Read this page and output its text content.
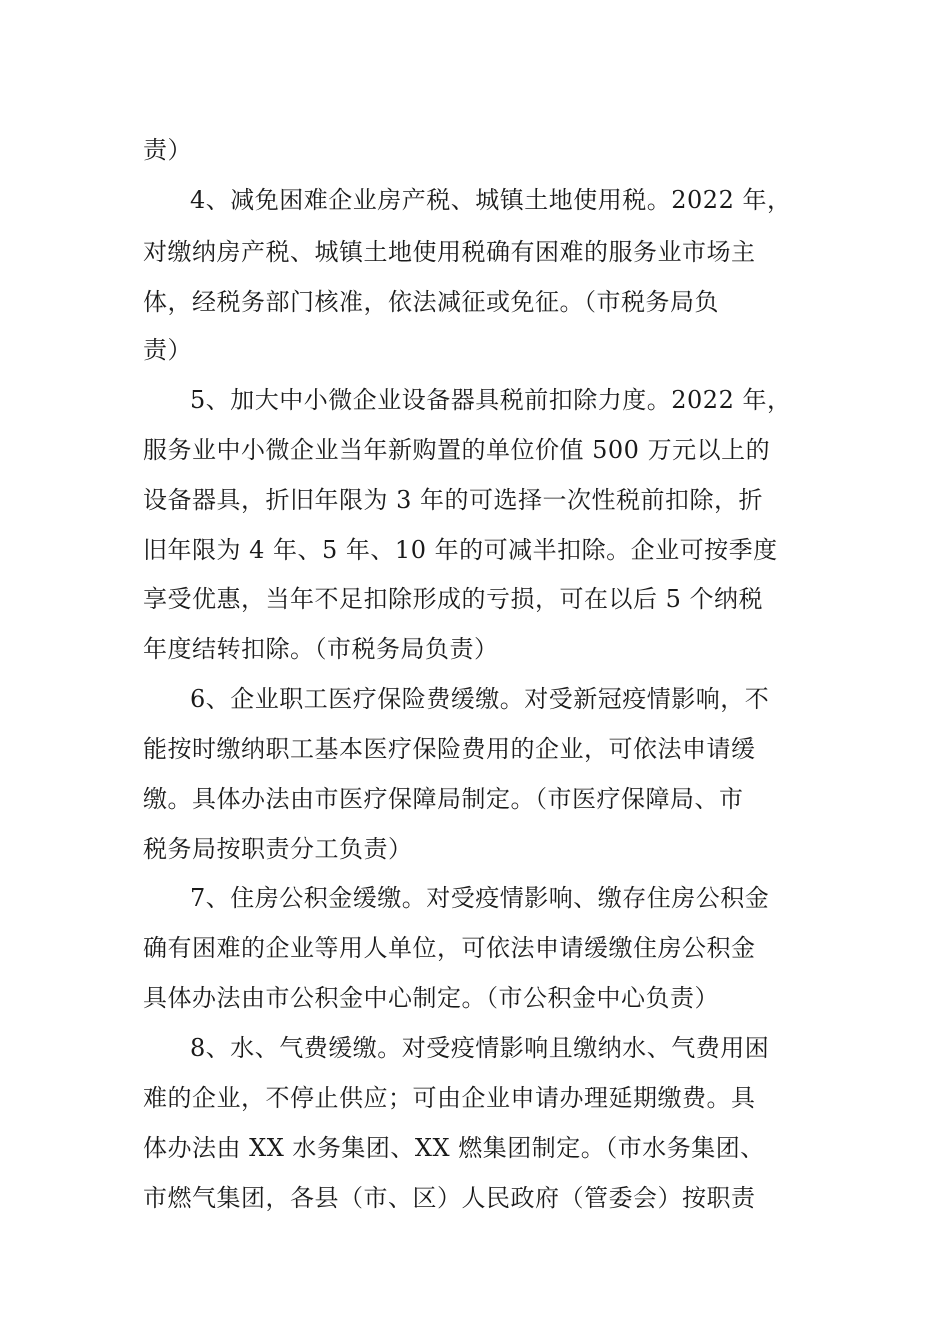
责）
4、减免困难企业房产税、城镇土地使用税。2022 年，
对缴纳房产税、城镇土地使用税确有困难的服务业市场主
体，经税务部门核准，依法减征或免征。（市税务局负
责）
5、加大中小微企业设备器具税前扣除力度。2022 年，
服务业中小微企业当年新购置的单位价值 500 万元以上的
设备器具，折旧年限为 3 年的可选择一次性税前扣除，折
旧年限为 4 年、5 年、10 年的可减半扣除。企业可按季度
享受优惠，当年不足扣除形成的亏损，可在以后 5 个纳税
年度结转扣除。（市税务局负责）
6、企业职工医疗保险费缓缴。对受新冠疫情影响，不
能按时缴纳职工基本医疗保险费用的企业，可依法申请缓
缴。具体办法由市医疗保障局制定。（市医疗保障局、市
税务局按职责分工负责）
7、住房公积金缓缴。对受疫情影响、缴存住房公积金
确有困难的企业等用人单位，可依法申请缓缴住房公积金
具体办法由市公积金中心制定。（市公积金中心负责）
8、水、气费缓缴。对受疫情影响且缴纳水、气费用困
难的企业，不停止供应；可由企业申请办理延期缴费。具
体办法由 XX 水务集团、XX 燃集团制定。（市水务集团、
市燃气集团，各县（市、区）人民政府（管委会）按职责
